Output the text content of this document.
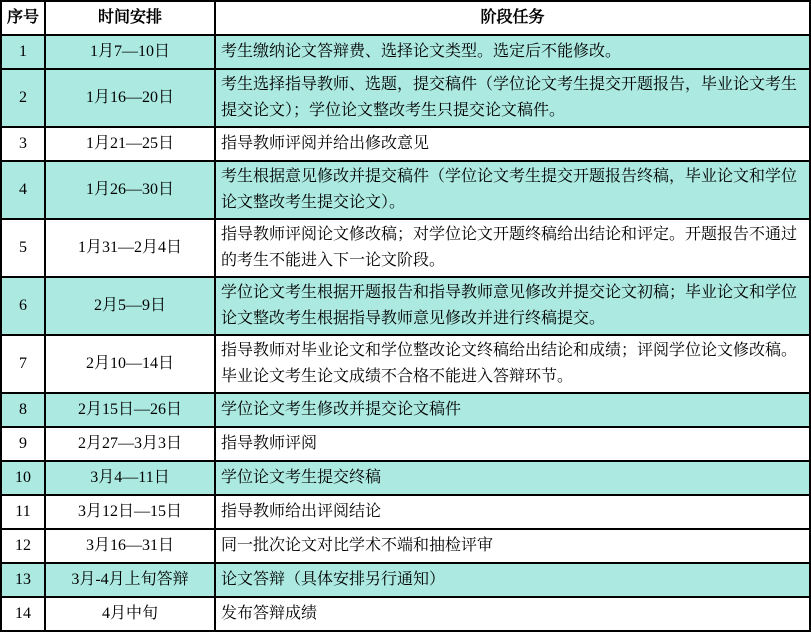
序号	时间安排	阶段任务
1	1月7—10日	考生缴纳论文答辩费、选择论文类型。选定后不能修改。
2	1月16—20日	考生选择指导教师、选题，提交稿件（学位论文考生提交开题报告，毕业论文考生提交论文）；学位论文整改考生只提交论文稿件。
3	1月21—25日	指导教师评阅并给出修改意见
4	1月26—30日	考生根据意见修改并提交稿件（学位论文考生提交开题报告终稿，毕业论文和学位论文整改考生提交论文）。
5	1月31—2月4日	指导教师评阅论文修改稿；对学位论文开题终稿给出结论和评定。开题报告不通过的考生不能进入下一论文阶段。
6	2月5—9日	学位论文考生根据开题报告和指导教师意见修改并提交论文初稿；毕业论文和学位论文整改考生根据指导教师意见修改并进行终稿提交。
7	2月10—14日	指导教师对毕业论文和学位整改论文终稿给出结论和成绩；评阅学位论文修改稿。毕业论文考生论文成绩不合格不能进入答辩环节。
8	2月15日—26日	学位论文考生修改并提交论文稿件
9	2月27—3月3日	指导教师评阅
10	3月4—11日	学位论文考生提交终稿
11	3月12日—15日	指导教师给出评阅结论
12	3月16—31日	同一批次论文对比学术不端和抽检评审
13	3月-4月上旬答辩	论文答辩（具体安排另行通知）
14	4月中旬	发布答辩成绩
